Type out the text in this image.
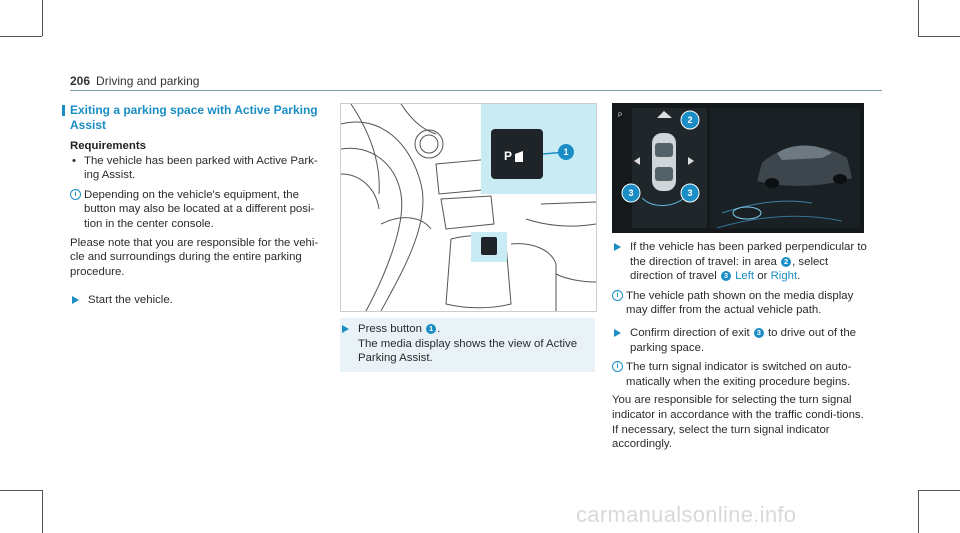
206 Driving and parking
Exiting a parking space with Active Parking Assist
Requirements
• The vehicle has been parked with Active Park-ing Assist.
i Depending on the vehicle's equipment, the button may also be located at a different posi-tion in the center console.
Please note that you are responsible for the vehi-cle and surroundings during the entire parking procedure.
Start the vehicle.
P	1
Press button 1 .
The media display shows the view of Active Parking Assist.
P	2
3	3
If the vehicle has been parked perpendicular to the direction of travel: in area 2 , select direction of travel 3 Left or Right.
i The vehicle path shown on the media display may differ from the actual vehicle path.
Confirm direction of exit 3 to drive out of the parking space.
i The turn signal indicator is switched on auto-matically when the exiting procedure begins.
You are responsible for selecting the turn signal indicator in accordance with the traffic condi-tions. If necessary, select the turn signal indicator accordingly.
carmanualsonline.info
